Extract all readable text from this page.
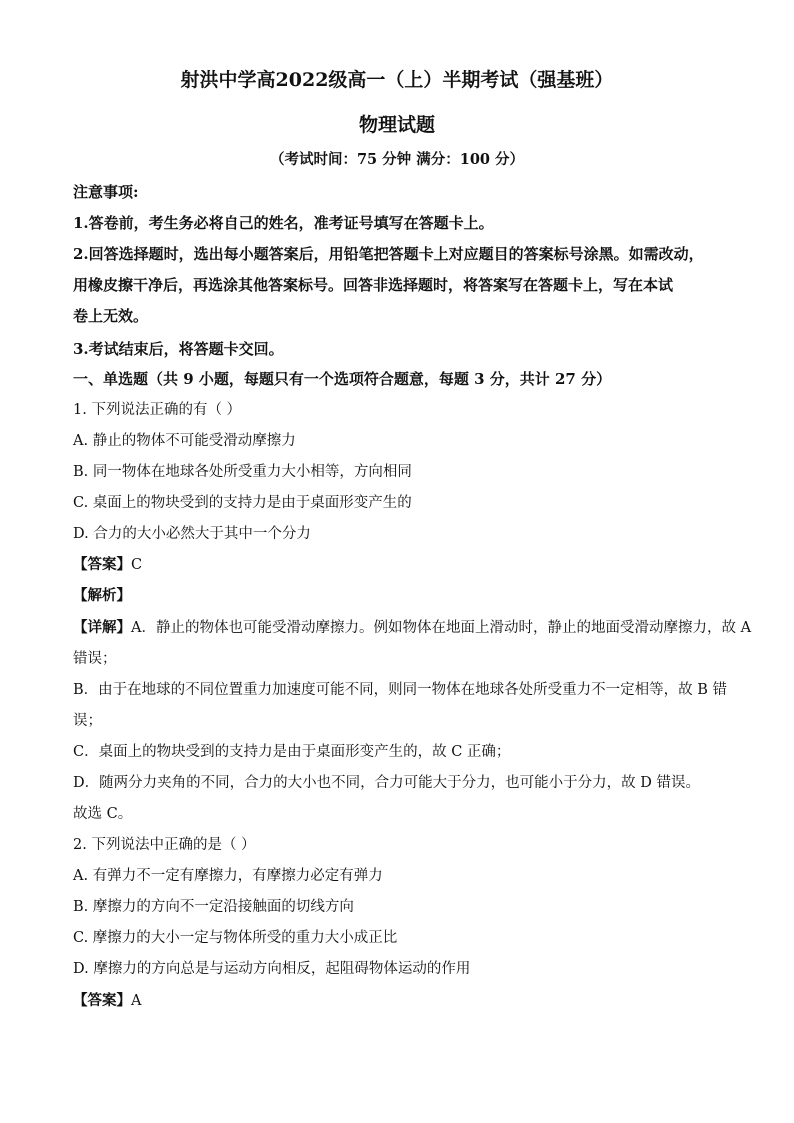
射洪中学高2022级高一（上）半期考试（强基班）
物理试题
（考试时间：75 分钟 满分：100 分）
注意事项:
1.答卷前，考生务必将自己的姓名，准考证号填写在答题卡上。
2.回答选择题时，选出每小题答案后，用铅笔把答题卡上对应题目的答案标号涂黑。如需改动，
用橡皮擦干净后，再选涂其他答案标号。回答非选择题时，将答案写在答题卡上，写在本试
卷上无效。
3.考试结束后，将答题卡交回。
一、单选题（共 9 小题，每题只有一个选项符合题意，每题 3 分，共计 27 分）
1. 下列说法正确的有（ ）
A. 静止的物体不可能受滑动摩擦力
B. 同一物体在地球各处所受重力大小相等，方向相同
C. 桌面上的物块受到的支持力是由于桌面形变产生的
D. 合力的大小必然大于其中一个分力
【答案】C
【解析】
【详解】A．静止的物体也可能受滑动摩擦力。例如物体在地面上滑动时，静止的地面受滑动摩擦力，故 A
错误；
B．由于在地球的不同位置重力加速度可能不同，则同一物体在地球各处所受重力不一定相等，故 B 错
误；
C．桌面上的物块受到的支持力是由于桌面形变产生的，故 C 正确；
D．随两分力夹角的不同，合力的大小也不同，合力可能大于分力，也可能小于分力，故 D 错误。
故选 C。
2. 下列说法中正确的是（ ）
A. 有弹力不一定有摩擦力，有摩擦力必定有弹力
B. 摩擦力的方向不一定沿接触面的切线方向
C. 摩擦力的大小一定与物体所受的重力大小成正比
D. 摩擦力的方向总是与运动方向相反，起阻碍物体运动的作用
【答案】A
